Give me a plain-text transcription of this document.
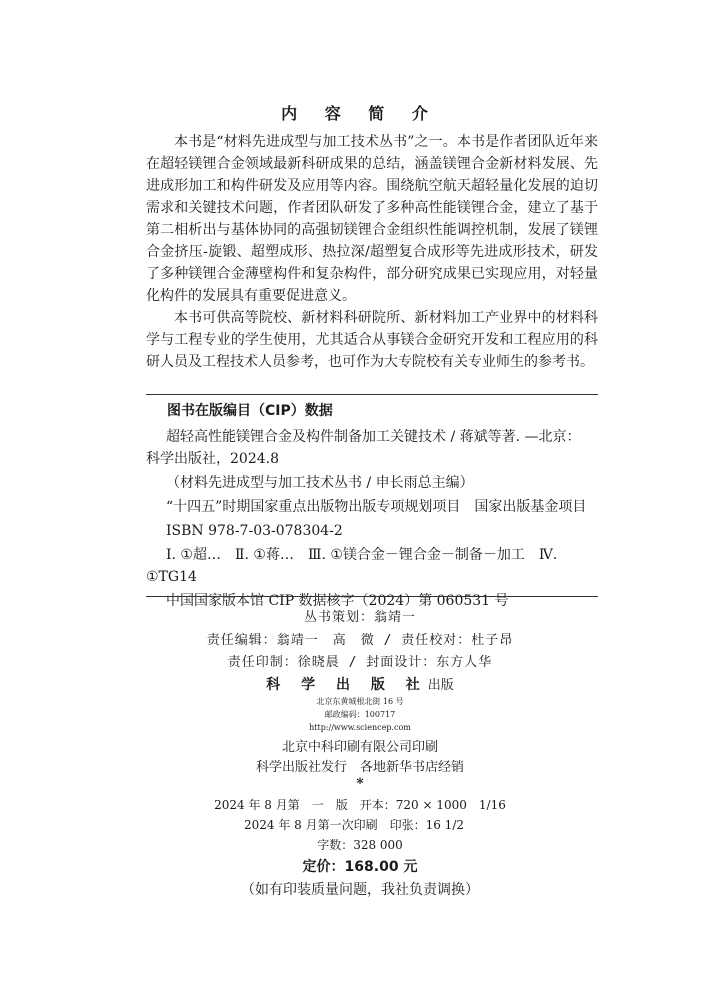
内 容 简 介

本书是“材料先进成型与加工技术丛书”之一。本书是作者团队近年来在超轻镁锂合金领域最新科研成果的总结，涵盖镁锂合金新材料发展、先进成形加工和构件研发及应用等内容。围绕航空航天超轻量化发展的迫切需求和关键技术问题，作者团队研发了多种高性能镁锂合金，建立了基于第二相析出与基体协同的高强韧镁锂合金组织性能调控机制，发展了镁锂合金挤压-旋锻、超塑成形、热拉深/超塑复合成形等先进成形技术，研发了多种镁锂合金薄壁构件和复杂构件，部分研究成果已实现应用，对轻量化构件的发展具有重要促进意义。

本书可供高等院校、新材料科研院所、新材料加工产业界中的材料科学与工程专业的学生使用，尤其适合从事镁合金研究开发和工程应用的科研人员及工程技术人员参考，也可作为大专院校有关专业师生的参考书。

图书在版编目（CIP）数据
超轻高性能镁锂合金及构件制备加工关键技术 / 蒋斌等著. —北京：
科学出版社，2024.8
（材料先进成型与加工技术丛书 / 申长雨总主编）
“十四五”时期国家重点出版物出版专项规划项目　国家出版基金项目
ISBN 978-7-03-078304-2
Ⅰ. ①超…　Ⅱ. ①蒋…　Ⅲ. ①镁合金－锂合金－制备－加工　Ⅳ. ①TG14
中国国家版本馆 CIP 数据核字（2024）第 060531 号
丛书策划：翁靖一
责任编辑：翁靖一　高　微 / 责任校对：杜子昂
责任印制：徐晓晨 / 封面设计：东方人华
科 学 出 版 社出版
北京东黄城根北街 16 号
邮政编码：100717
http://www.sciencep.com
北京中科印刷有限公司印刷
科学出版社发行　各地新华书店经销
*
2024 年 8 月第　一　版　开本：720 × 1000　1/16
2024 年 8 月第一次印刷　印张：16 1/2
字数：328 000
定价：168.00 元
（如有印装质量问题，我社负责调换）
